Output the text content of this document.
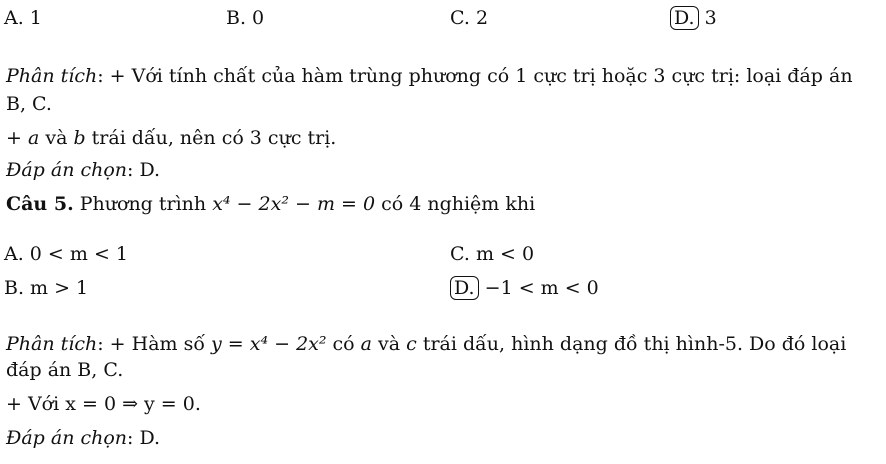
A. 1	B. 0	C. 2	D. 3
Phân tích: + Với tính chất của hàm trùng phương có 1 cực trị hoặc 3 cực trị: loại đáp án
B, C.
+ a và b trái dấu, nên có 3 cực trị.
Đáp án chọn: D.
Câu 5. Phương trình x⁴ − 2x² − m = 0 có 4 nghiệm khi
A. 0 < m < 1	C. m < 0
B. m > 1	D. −1 < m < 0
Phân tích: + Hàm số y = x⁴ − 2x² có a và c trái dấu, hình dạng đồ thị hình-5. Do đó loại
đáp án B, C.
+ Với x = 0 ⇒ y = 0.
Đáp án chọn: D.
